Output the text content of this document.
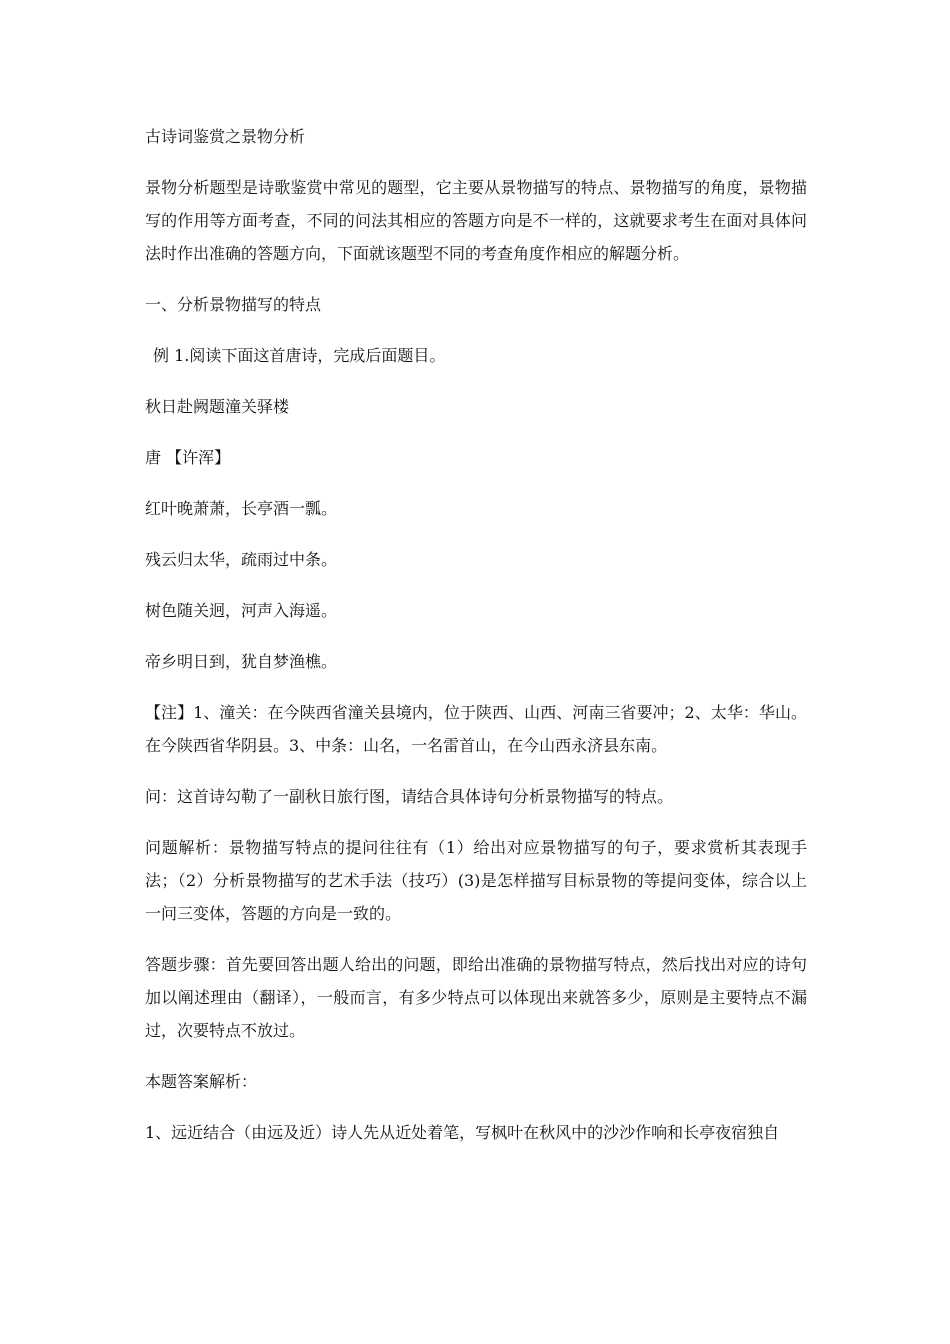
古诗词鉴赏之景物分析

景物分析题型是诗歌鉴赏中常见的题型，它主要从景物描写的特点、景物描写的角度，景物描写的作用等方面考查，不同的问法其相应的答题方向是不一样的，这就要求考生在面对具体问法时作出准确的答题方向，下面就该题型不同的考查角度作相应的解题分析。

一、分析景物描写的特点

例 1.阅读下面这首唐诗，完成后面题目。

秋日赴阙题潼关驿楼

唐 【许浑】

红叶晚萧萧，长亭酒一瓢。

残云归太华，疏雨过中条。

树色随关迥，河声入海遥。

帝乡明日到，犹自梦渔樵。

【注】1、潼关：在今陕西省潼关县境内，位于陕西、山西、河南三省要冲；2、太华：华山。在今陕西省华阴县。3、中条：山名，一名雷首山，在今山西永济县东南。

问：这首诗勾勒了一副秋日旅行图，请结合具体诗句分析景物描写的特点。

问题解析：景物描写特点的提问往往有（1）给出对应景物描写的句子，要求赏析其表现手法；（2）分析景物描写的艺术手法（技巧）(3)是怎样描写目标景物的等提问变体，综合以上一问三变体，答题的方向是一致的。

答题步骤：首先要回答出题人给出的问题，即给出准确的景物描写特点，然后找出对应的诗句加以阐述理由（翻译），一般而言，有多少特点可以体现出来就答多少，原则是主要特点不漏过，次要特点不放过。

本题答案解析：

1、远近结合（由远及近）诗人先从近处着笔，写枫叶在秋风中的沙沙作响和长亭夜宿独自
